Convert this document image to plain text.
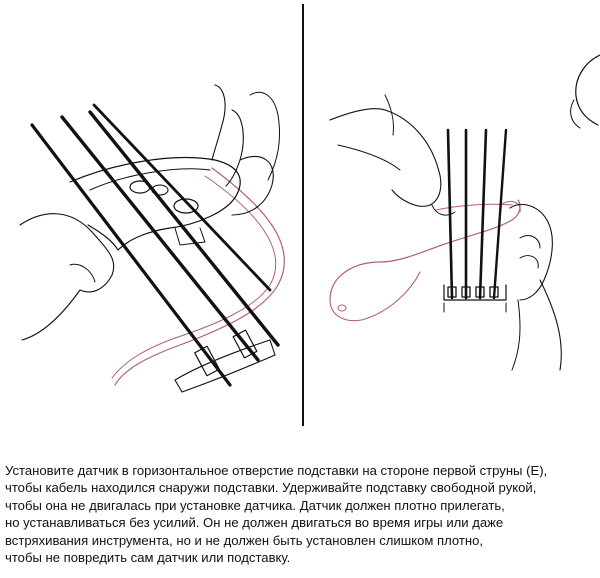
Установите датчик в горизонтальное отверстие подставки на стороне первой струны (E),
чтобы кабель находился снаружи подставки. Удерживайте подставку свободной рукой,
чтобы она не двигалась при установке датчика. Датчик должен плотно прилегать,
но устанавливаться без усилий. Он не должен двигаться во время игры или даже
встряхивания инструмента, но и не должен быть установлен слишком плотно,
чтобы не повредить сам датчик или подставку.
